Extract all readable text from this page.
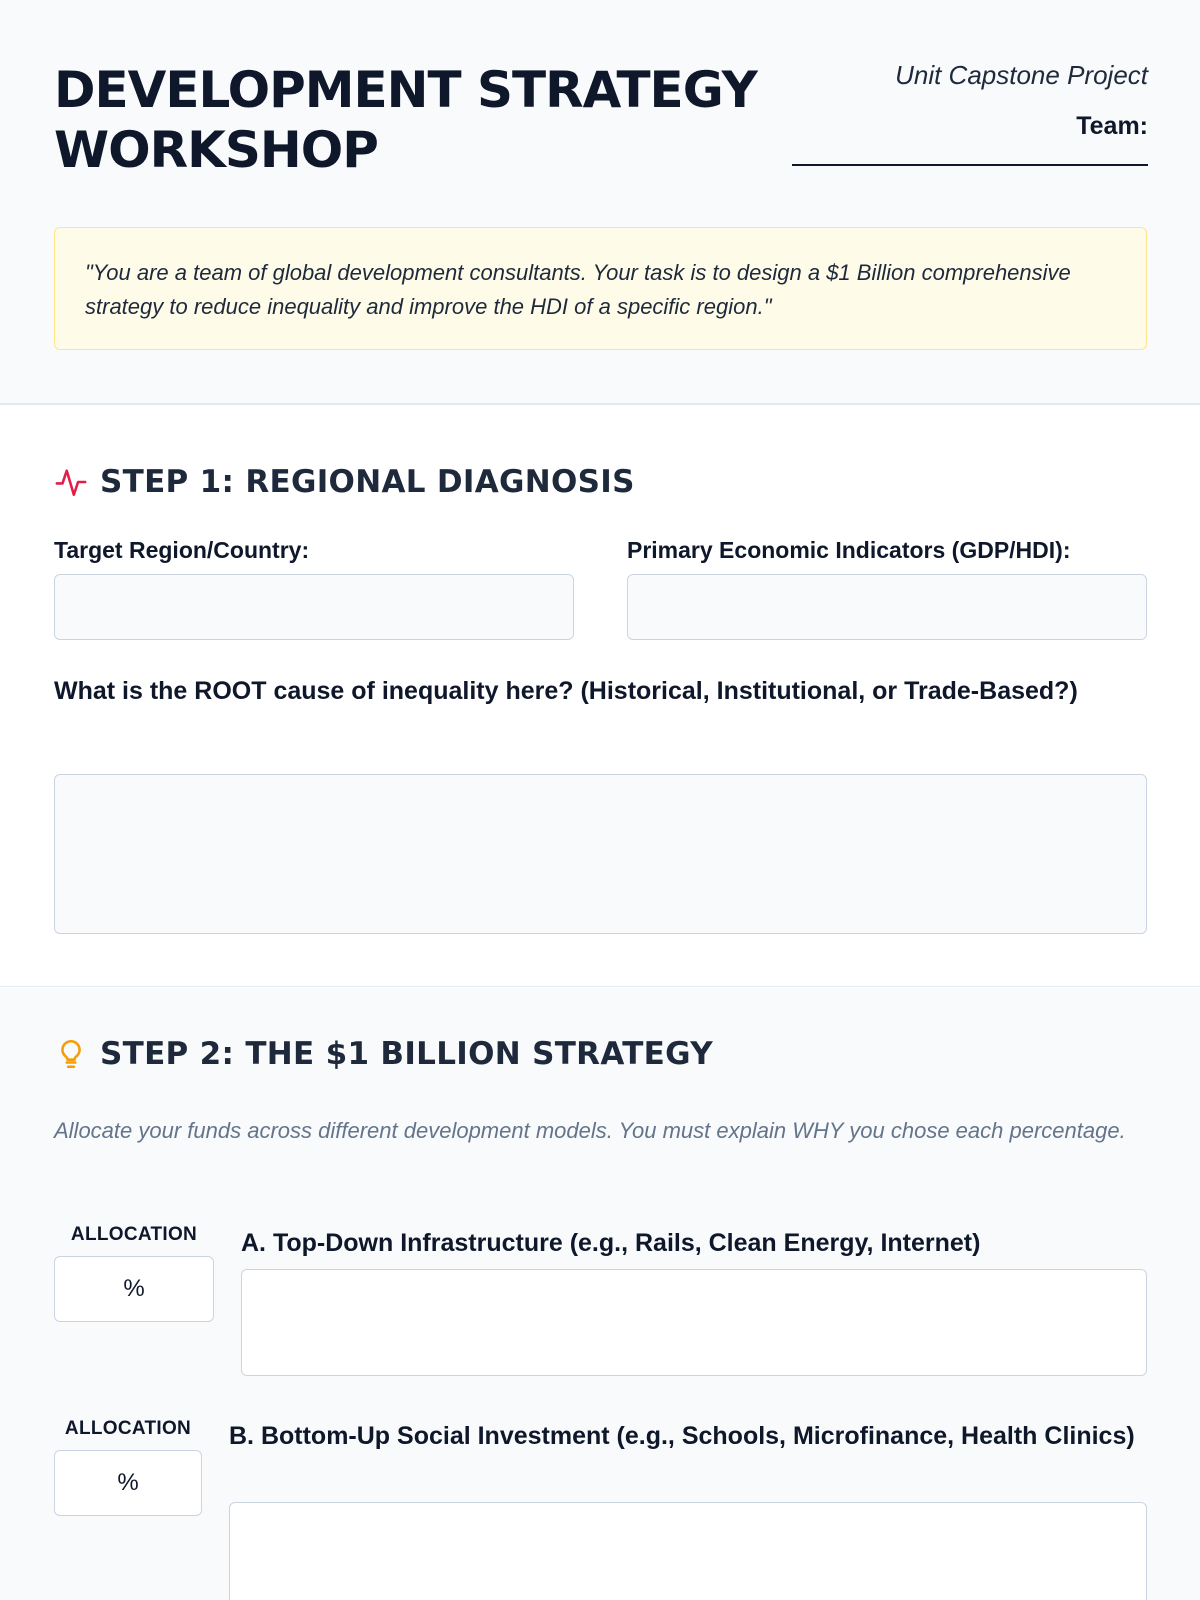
DEVELOPMENT STRATEGY WORKSHOP
Unit Capstone Project
Team:

"You are a team of global development consultants. Your task is to design a $1 Billion comprehensive strategy to reduce inequality and improve the HDI of a specific region."

STEP 1: REGIONAL DIAGNOSIS
Target Region/Country:	Primary Economic Indicators (GDP/HDI):
What is the ROOT cause of inequality here? (Historical, Institutional, or Trade-Based?)
STEP 2: THE $1 BILLION STRATEGY

Allocate your funds across different development models. You must explain WHY you chose each percentage.

ALLOCATION
%
A. Top-Down Infrastructure (e.g., Rails, Clean Energy, Internet)
ALLOCATION
%
B. Bottom-Up Social Investment (e.g., Schools, Microfinance, Health Clinics)
